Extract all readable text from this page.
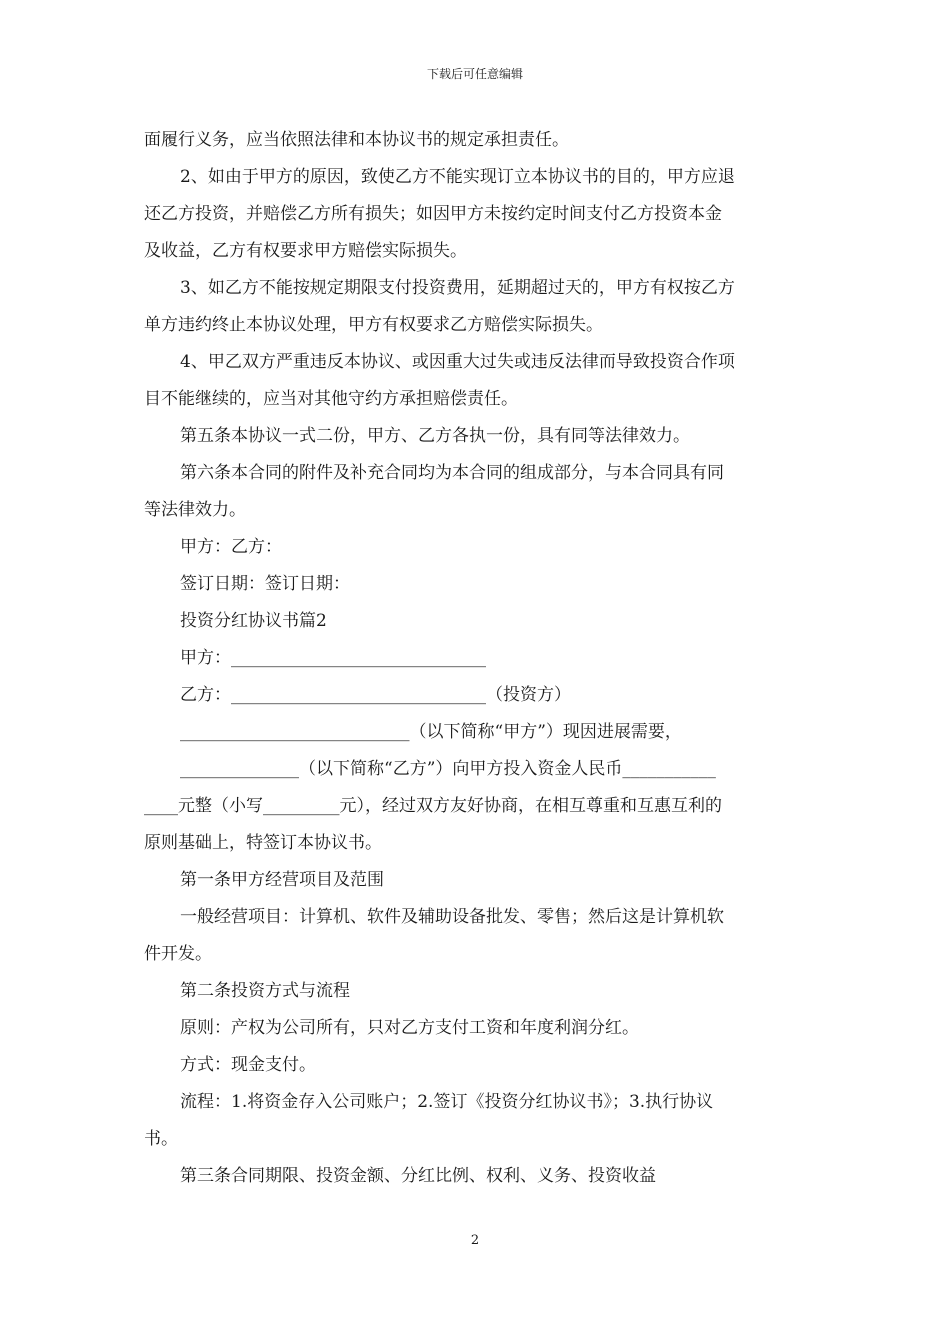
下载后可任意编辑
面履行义务，应当依照法律和本协议书的规定承担责任。
2、如由于甲方的原因，致使乙方不能实现订立本协议书的目的，甲方应退
还乙方投资，并赔偿乙方所有损失；如因甲方未按约定时间支付乙方投资本金
及收益，乙方有权要求甲方赔偿实际损失。
3、如乙方不能按规定期限支付投资费用，延期超过天的，甲方有权按乙方
单方违约终止本协议处理，甲方有权要求乙方赔偿实际损失。
4、甲乙双方严重违反本协议、或因重大过失或违反法律而导致投资合作项
目不能继续的，应当对其他守约方承担赔偿责任。
第五条本协议一式二份，甲方、乙方各执一份，具有同等法律效力。
第六条本合同的附件及补充合同均为本合同的组成部分，与本合同具有同
等法律效力。
甲方：乙方：
签订日期：签订日期：
投资分红协议书篇2
甲方：______________________________
乙方：______________________________（投资方）
___________________________（以下简称“甲方”）现因进展需要，
______________（以下简称“乙方”）向甲方投入资金人民币___________
____元整（小写_________元），经过双方友好协商，在相互尊重和互惠互利的
原则基础上，特签订本协议书。
第一条甲方经营项目及范围
一般经营项目：计算机、软件及辅助设备批发、零售；然后这是计算机软
件开发。
第二条投资方式与流程
原则：产权为公司所有，只对乙方支付工资和年度利润分红。
方式：现金支付。
流程：1.将资金存入公司账户；2.签订《投资分红协议书》；3.执行协议
书。
第三条合同期限、投资金额、分红比例、权利、义务、投资收益
2
